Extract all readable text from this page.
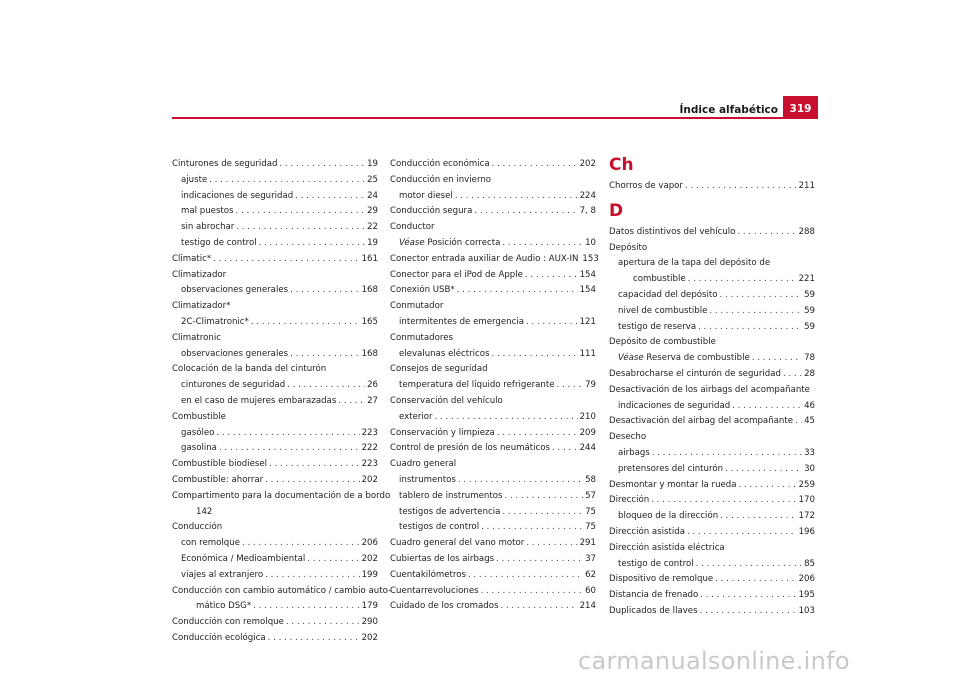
Índice alfabético	319
Cinturones de seguridad . . .	19
ajuste . . .	25
indicaciones de seguridad . . .	24
mal puestos . . .	29
sin abrochar . . .	22
testigo de control . . .	19
Climatic* . . .	161
Climatizador
observaciones generales . . .	168
Climatizador*
2C-Climatronic* . . .	165
Climatronic
observaciones generales . . .	168
Colocación de la banda del cinturón
cinturones de seguridad . . .	26
en el caso de mujeres embarazadas . . .	27
Combustible
gasóleo . . .	223
gasolina . . .	222
Combustible biodiesel . . .	223
Combustible: ahorrar . . .	202
Compartimento para la documentación de a bordo
142
Conducción
con remolque . . .	206
Económica / Medioambiental . . .	202
viajes al extranjero . . .	199
Conducción con cambio automático / cambio auto-
mático DSG* . . .	179
Conducción con remolque . . .	290
Conducción ecológica . . .	202
Conducción económica . . .	202
Conducción en invierno
motor diesel . . .	224
Conducción segura . . .	7, 8
Conductor
Véase Posición correcta . . .	10
Conector entrada auxiliar de Audio : AUX-IN 153
Conector para el iPod de Apple . . .	154
Conexión USB* . . .	154
Conmutador
intermitentes de emergencia . . .	121
Conmutadores
elevalunas eléctricos . . .	111
Consejos de seguridad
temperatura del líquido refrigerante . . .	79
Conservación del vehículo
exterior . . .	210
Conservación y limpieza . . .	209
Control de presión de los neumáticos . . .	244
Cuadro general
instrumentos . . .	58
tablero de instrumentos . . .	57
testigos de advertencia . . .	75
testigos de control . . .	75
Cuadro general del vano motor . . .	291
Cubiertas de los airbags . . .	37
Cuentakilómetros . . .	62
Cuentarrevoluciones . . .	60
Cuidado de los cromados . . .	214
Ch
Chorros de vapor . . .	211
D
Datos distintivos del vehículo . . .	288
Depósito
apertura de la tapa del depósito de
combustible . . .	221
capacidad del depósito . . .	59
nivel de combustible . . .	59
testigo de reserva . . .	59
Depósito de combustible
Véase Reserva de combustible . . .	78
Desabrocharse el cinturón de seguridad . . .	28
Desactivación de los airbags del acompañante
indicaciones de seguridad . . .	46
Desactivación del airbag del acompañante . . . 45
Desecho
airbags . . .	33
pretensores del cinturón . . .	30
Desmontar y montar la rueda . . .	259
Dirección . . .	170
bloqueo de la dirección . . .	172
Dirección asistida . . .	196
Dirección asistida eléctrica
testigo de control . . .	85
Dispositivo de remolque . . .	206
Distancia de frenado . . .	195
Duplicados de llaves . . .	103
carmanualsonline.info
